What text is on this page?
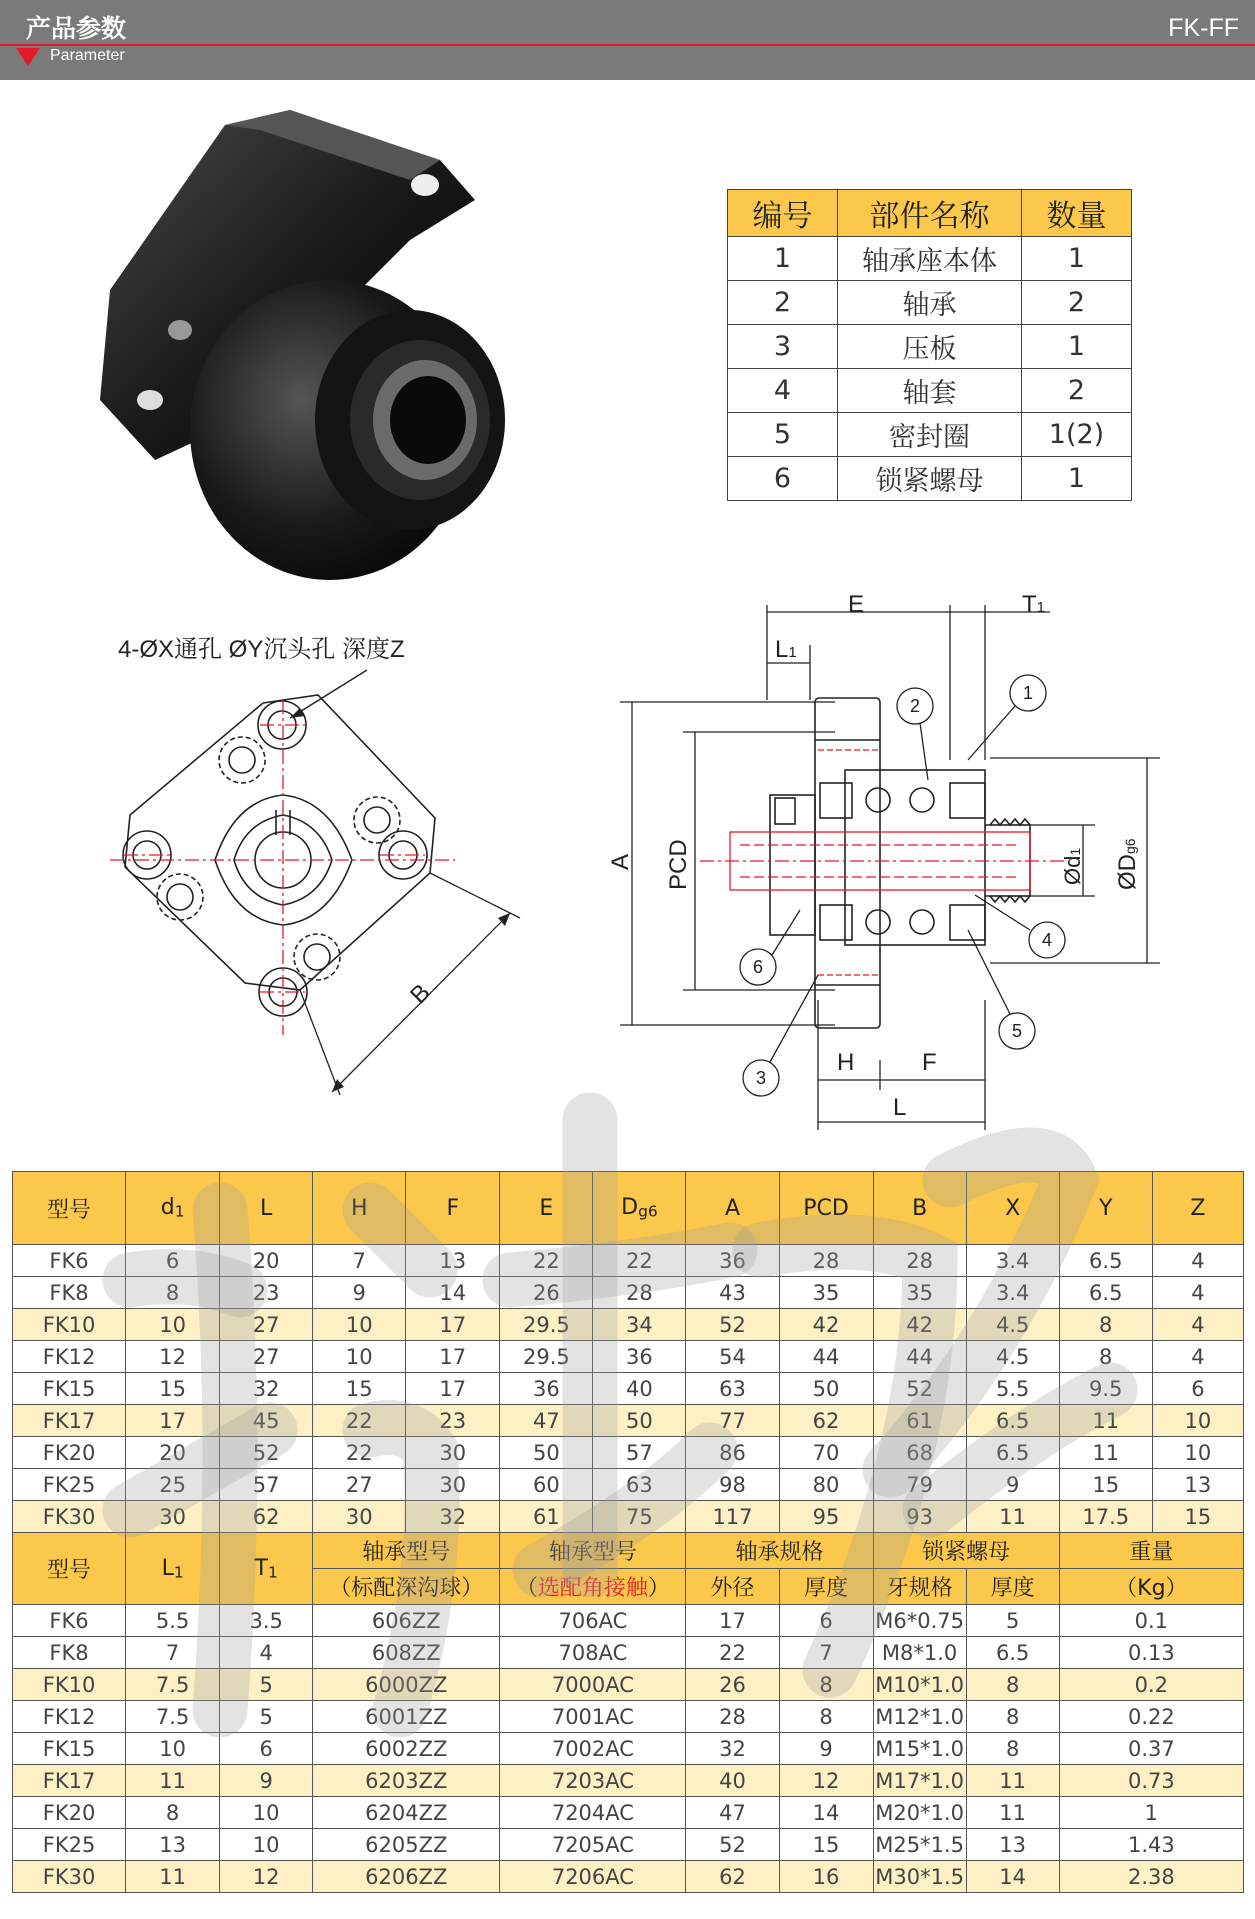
产品参数
Parameter
FK-FF
编号	部件名称	数量
1	轴承座本体	1
2	轴承	2
3	压板	1
4	轴套	2
5	密封圈	1(2)
6	锁紧螺母	1
4-ØX通孔 ØY沉头孔 深度Z
B
A PCD
E	T1
L1
H	F
L
Ød1
ØDg6
1
2
3
4
5
6
型号	$d_1$	L	H	F	E	$D_{g6}$	A	PCD	B	X	Y	Z
FK6	6	20	7	13	22	22	36	28	28	3.4	6.5	4
FK8	8	23	9	14	26	28	43	35	35	3.4	6.5	4
FK10	10	27	10	17	29.5	34	52	42	42	4.5	8	4
FK12	12	27	10	17	29.5	36	54	44	44	4.5	8	4
FK15	15	32	15	17	36	40	63	50	52	5.5	9.5	6
FK17	17	45	22	23	47	50	77	62	61	6.5	11	10
FK20	20	52	22	30	50	57	86	70	68	6.5	11	10
FK25	25	57	27	30	60	63	98	80	79	9	15	13
FK30	30	62	30	32	61	75	117	95	93	11	17.5	15
型号	$L_1$	$T_1$	轴承型号		轴承型号		轴承规格		锁紧螺母		重量	
			（标配深沟球）		（选配角接触）		外径	厚度	牙规格	厚度	（Kg）	
FK6	5.5	3.5	606ZZ		706AC		17	6	M6*0.75	5	0.1	
FK8	7	4	608ZZ		708AC		22	7	M8*1.0	6.5	0.13	
FK10	7.5	5	6000ZZ		7000AC		26	8	M10*1.0	8	0.2	
FK12	7.5	5	6001ZZ		7001AC		28	8	M12*1.0	8	0.22	
FK15	10	6	6002ZZ		7002AC		32	9	M15*1.0	8	0.37	
FK17	11	9	6203ZZ		7203AC		40	12	M17*1.0	11	0.73	
FK20	8	10	6204ZZ		7204AC		47	14	M20*1.0	11	1	
FK25	13	10	6205ZZ		7205AC		52	15	M25*1.5	13	1.43	
FK30	11	12	6206ZZ		7206AC		62	16	M30*1.5	14	2.38	
